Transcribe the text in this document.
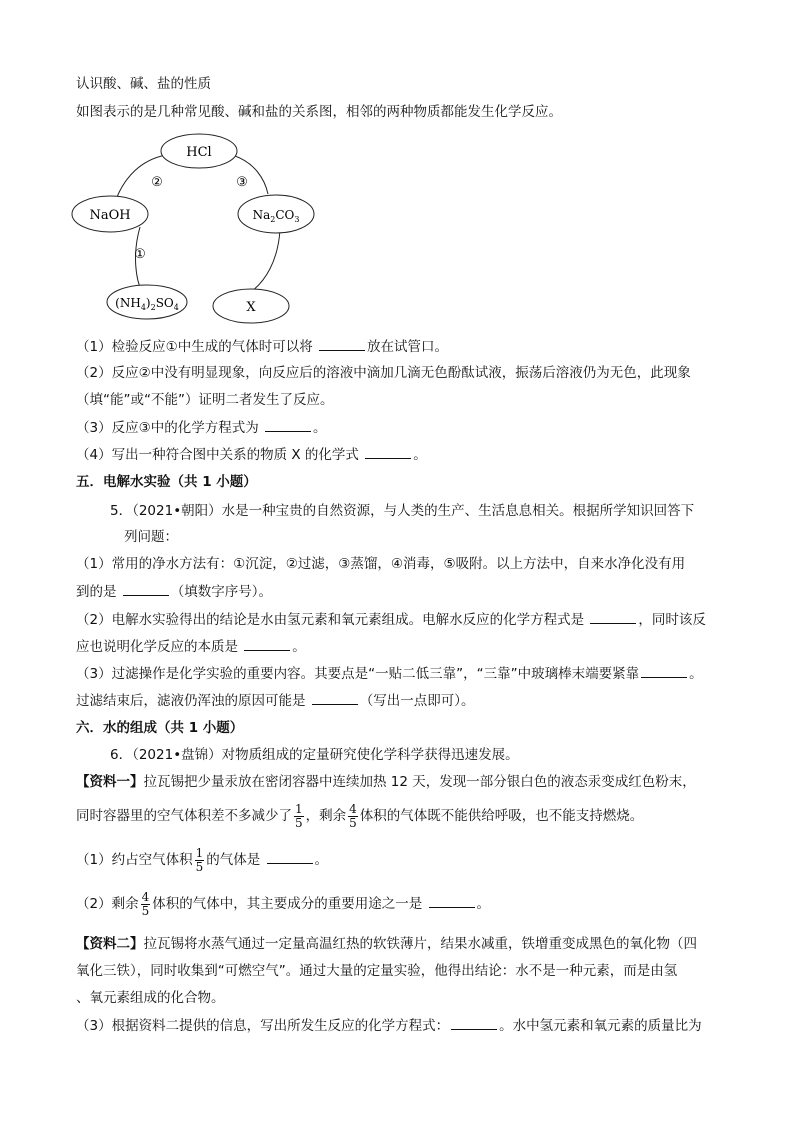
认识酸、碱、盐的性质
如图表示的是几种常见酸、碱和盐的关系图，相邻的两种物质都能发生化学反应。
HCl
NaOH	$Na_2CO_3$
$(NH_4)_2SO_4$	X
①
②	③
（1）检验反应①中生成的气体时可以将	放在试管口。
（2）反应②中没有明显现象，向反应后的溶液中滴加几滴无色酚酞试液，振荡后溶液仍为无色，此现象
（填“能”或“不能”）证明二者发生了反应。
（3）反应③中的化学方程式为	。
（4）写出一种符合图中关系的物质 X 的化学式	。
五．电解水实验（共 1 小题）
5．（2021•朝阳）水是一种宝贵的自然资源，与人类的生产、生活息息相关。根据所学知识回答下
列问题：
（1）常用的净水方法有：①沉淀，②过滤，③蒸馏，④消毒，⑤吸附。以上方法中，自来水净化没有用
到的是	（填数字序号）。
（2）电解水实验得出的结论是水由氢元素和氧元素组成。电解水反应的化学方程式是	，同时该反
应也说明化学反应的本质是	。
（3）过滤操作是化学实验的重要内容。其要点是“一贴二低三靠”，“三靠”中玻璃棒末端要紧靠	。
过滤结束后，滤液仍浑浊的原因可能是	（写出一点即可）。
六．水的组成（共 1 小题）
6．（2021•盘锦）对物质组成的定量研究使化学科学获得迅速发展。
【资料一】拉瓦锡把少量汞放在密闭容器中连续加热 12 天，发现一部分银白色的液态汞变成红色粉末，
同时容器里的空气体积差不多减少了 $\frac{1}{5}$ ，剩余 $\frac{4}{5}$ 体积的气体既不能供给呼吸，也不能支持燃烧。
（1）约占空气体积 $\frac{1}{5}$ 的气体是	。
（2）剩余 $\frac{4}{5}$ 体积的气体中，其主要成分的重要用途之一是	。
【资料二】拉瓦锡将水蒸气通过一定量高温红热的软铁薄片，结果水减重，铁增重变成黑色的氧化物（四
氧化三铁），同时收集到“可燃空气”。通过大量的定量实验，他得出结论：水不是一种元素，而是由氢
、氧元素组成的化合物。
（3）根据资料二提供的信息，写出所发生反应的化学方程式：	。水中氢元素和氧元素的质量比为
